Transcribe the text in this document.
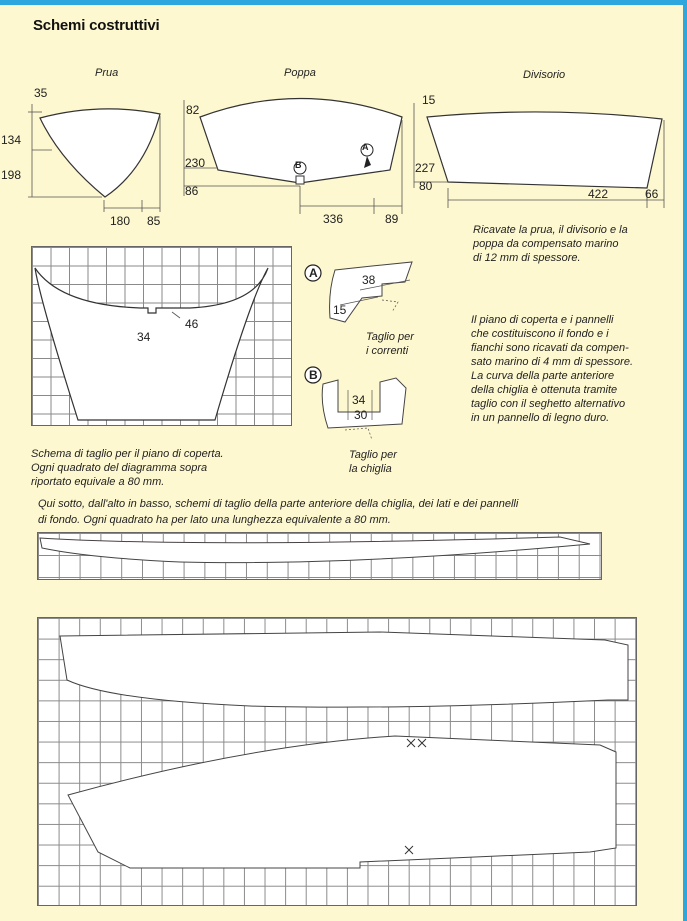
Schemi costruttivi
Prua	Poppa	Divisorio
B
A
35
134
198
180 85
82
230
86
336	89
15
227
80
422	66
Ricavate la prua, il divisorio e la
poppa da compensato marino
di 12 mm di spessore.
Il piano di coperta e i pannelli
che costituiscono il fondo e i
fianchi sono ricavati da compen-
sato marino di 4 mm di spessore.
La curva della parte anteriore
della chiglia è ottenuta tramite
taglio con il seghetto alternativo
in un pannello di legno duro.
34
46
A	38
15
Taglio per
i correnti
B
34
30
Taglio per
la chiglia
Schema di taglio per il piano di coperta.
Ogni quadrato del diagramma sopra
riportato equivale a 80 mm.
Qui sotto, dall'alto in basso, schemi di taglio della parte anteriore della chiglia, dei lati e dei pannelli
di fondo. Ogni quadrato ha per lato una lunghezza equivalente a 80 mm.
